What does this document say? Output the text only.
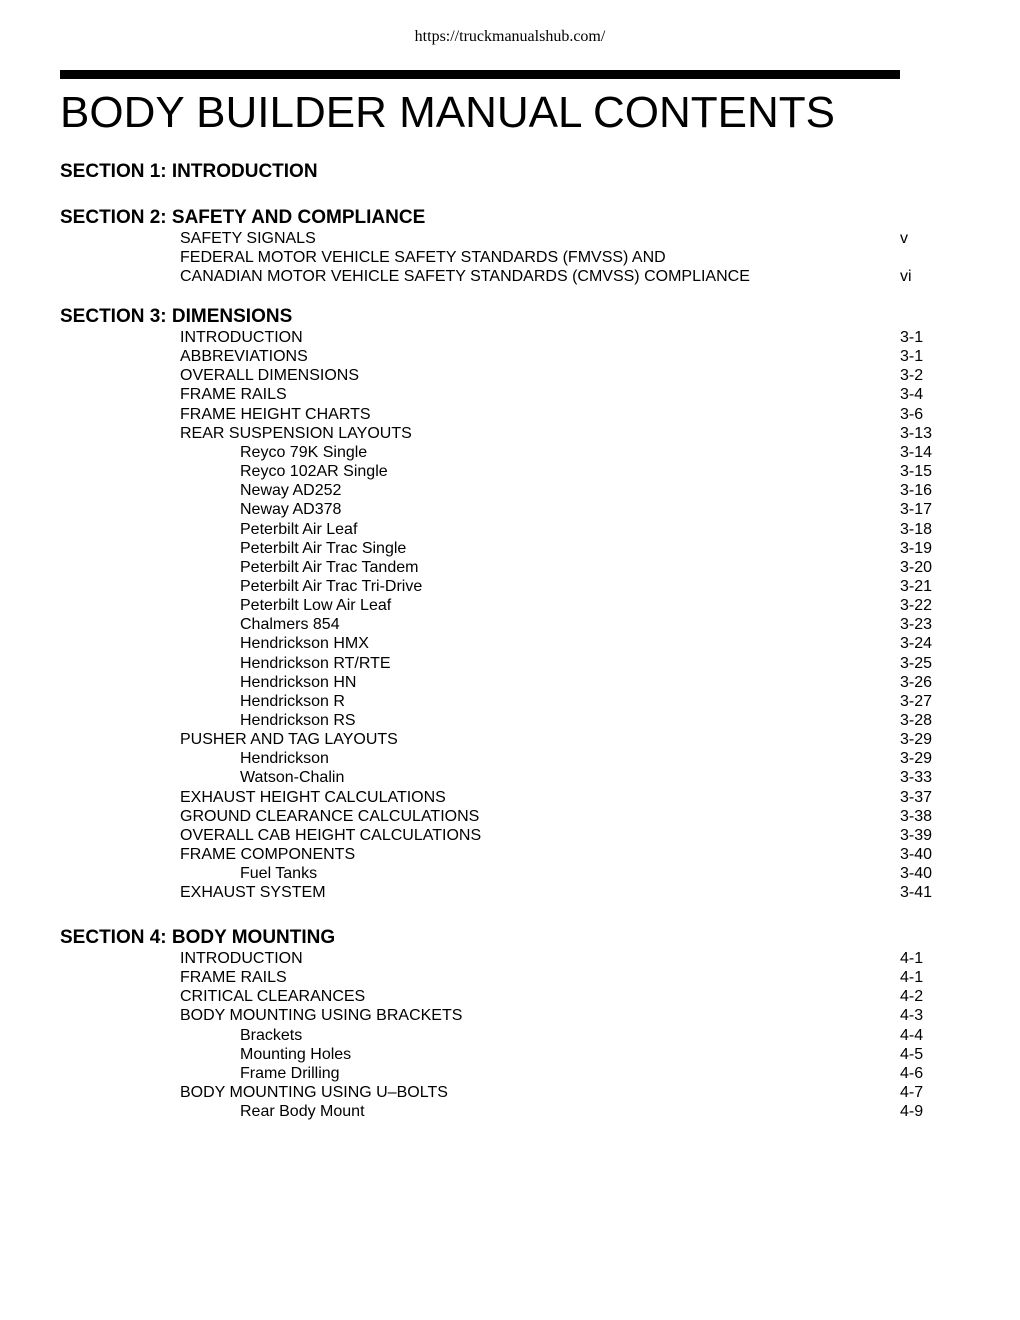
https://truckmanualshub.com/
BODY BUILDER MANUAL CONTENTS
SECTION 1: INTRODUCTION
SECTION 2: SAFETY AND COMPLIANCE
SAFETY SIGNALS	v
FEDERAL MOTOR VEHICLE SAFETY STANDARDS (FMVSS) AND
CANADIAN MOTOR VEHICLE SAFETY STANDARDS (CMVSS) COMPLIANCE	vi
SECTION 3: DIMENSIONS
INTRODUCTION	3-1
ABBREVIATIONS	3-1
OVERALL DIMENSIONS	3-2
FRAME RAILS	3-4
FRAME HEIGHT CHARTS	3-6
REAR SUSPENSION LAYOUTS	3-13
Reyco 79K Single	3-14
Reyco 102AR Single	3-15
Neway AD252	3-16
Neway AD378	3-17
Peterbilt Air Leaf	3-18
Peterbilt Air Trac Single	3-19
Peterbilt Air Trac Tandem	3-20
Peterbilt Air Trac Tri-Drive	3-21
Peterbilt Low Air Leaf	3-22
Chalmers 854	3-23
Hendrickson HMX	3-24
Hendrickson RT/RTE	3-25
Hendrickson HN	3-26
Hendrickson R	3-27
Hendrickson RS	3-28
PUSHER AND TAG LAYOUTS	3-29
Hendrickson	3-29
Watson-Chalin	3-33
EXHAUST HEIGHT CALCULATIONS	3-37
GROUND CLEARANCE CALCULATIONS	3-38
OVERALL CAB HEIGHT CALCULATIONS	3-39
FRAME COMPONENTS	3-40
Fuel Tanks	3-40
EXHAUST SYSTEM	3-41
SECTION 4: BODY MOUNTING
INTRODUCTION	4-1
FRAME RAILS	4-1
CRITICAL CLEARANCES	4-2
BODY MOUNTING USING BRACKETS	4-3
Brackets	4-4
Mounting Holes	4-5
Frame Drilling	4-6
BODY MOUNTING USING U–BOLTS	4-7
Rear Body Mount	4-9
